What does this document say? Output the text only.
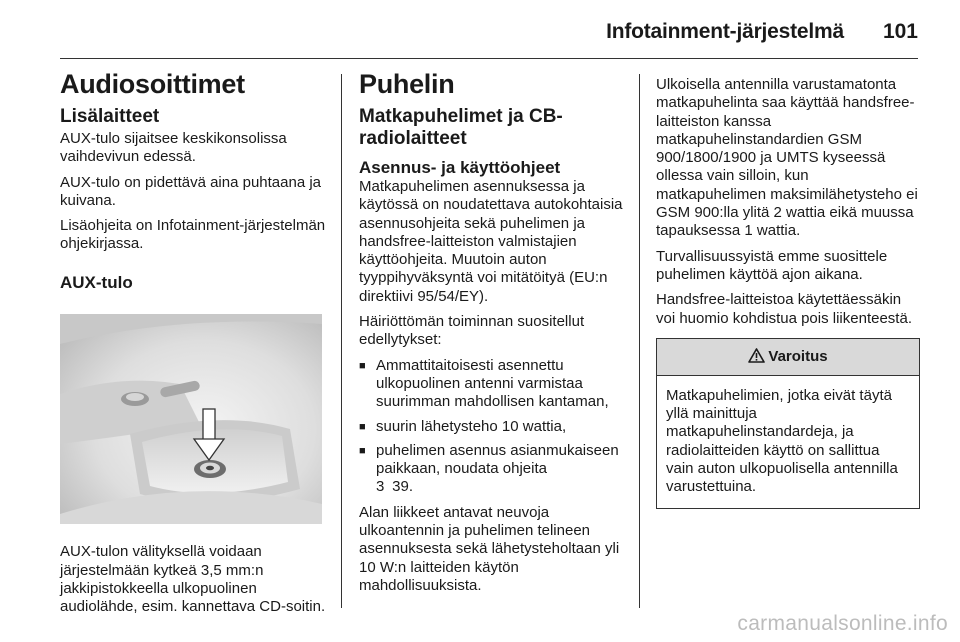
Infotainment-järjestelmä 101
Audiosoittimet
Lisälaitteet

AUX-tulo sijaitsee keskikonsolissa vaihdevivun edessä.

AUX-tulo on pidettävä aina puhtaana ja kuivana.

Lisäohjeita on Infotainment-järjestelmän ohjekirjassa.

AUX-tulo

AUX-tulon välityksellä voidaan järjestelmään kytkeä 3,5 mm:n jakkipistokkeella ulkopuolinen audiolähde, esim. kannettava CD-soitin.

Puhelin
Matkapuhelimet ja CB-radiolaitteet
Asennus- ja käyttöohjeet

Matkapuhelimen asennuksessa ja käytössä on noudatettava autokohtaisia asennusohjeita sekä puhelimen ja handsfree-laitteiston valmistajien käyttöohjeita. Muutoin auton tyyppihyväksyntä voi mitätöityä (EU:n direktiivi 95/54/EY).

Häiriöttömän toiminnan suositellut edellytykset:

■ Ammattitaitoisesti asennettu ulkopuolinen antenni varmistaa suurimman mahdollisen kantaman,
■ suurin lähetysteho 10 wattia,
■ puhelimen asennus asianmukaiseen paikkaan, noudata ohjeita
3 39.

Alan liikkeet antavat neuvoja ulkoantennin ja puhelimen telineen asennuksesta sekä lähetysteholtaan yli 10 W:n laitteiden käytön mahdollisuuksista.

Ulkoisella antennilla varustamatonta matkapuhelinta saa käyttää handsfree-laitteiston kanssa matkapuhelinstandardien GSM 900/1800/1900 ja UMTS kyseessä ollessa vain silloin, kun matkapuhelimen maksimilähetysteho ei GSM 900:lla ylitä 2 wattia eikä muussa tapauksessa 1 wattia.

Turvallisuussyistä emme suosittele puhelimen käyttöä ajon aikana.

Handsfree-laitteistoa käytettäessäkin voi huomio kohdistua pois liikenteestä.

Varoitus
Matkapuhelimien, jotka eivät täytä yllä mainittuja matkapuhelinstandardeja, ja radiolaitteiden käyttö on sallittua vain auton ulkopuolisella antennilla varustettuina.
carmanualsonline.info
